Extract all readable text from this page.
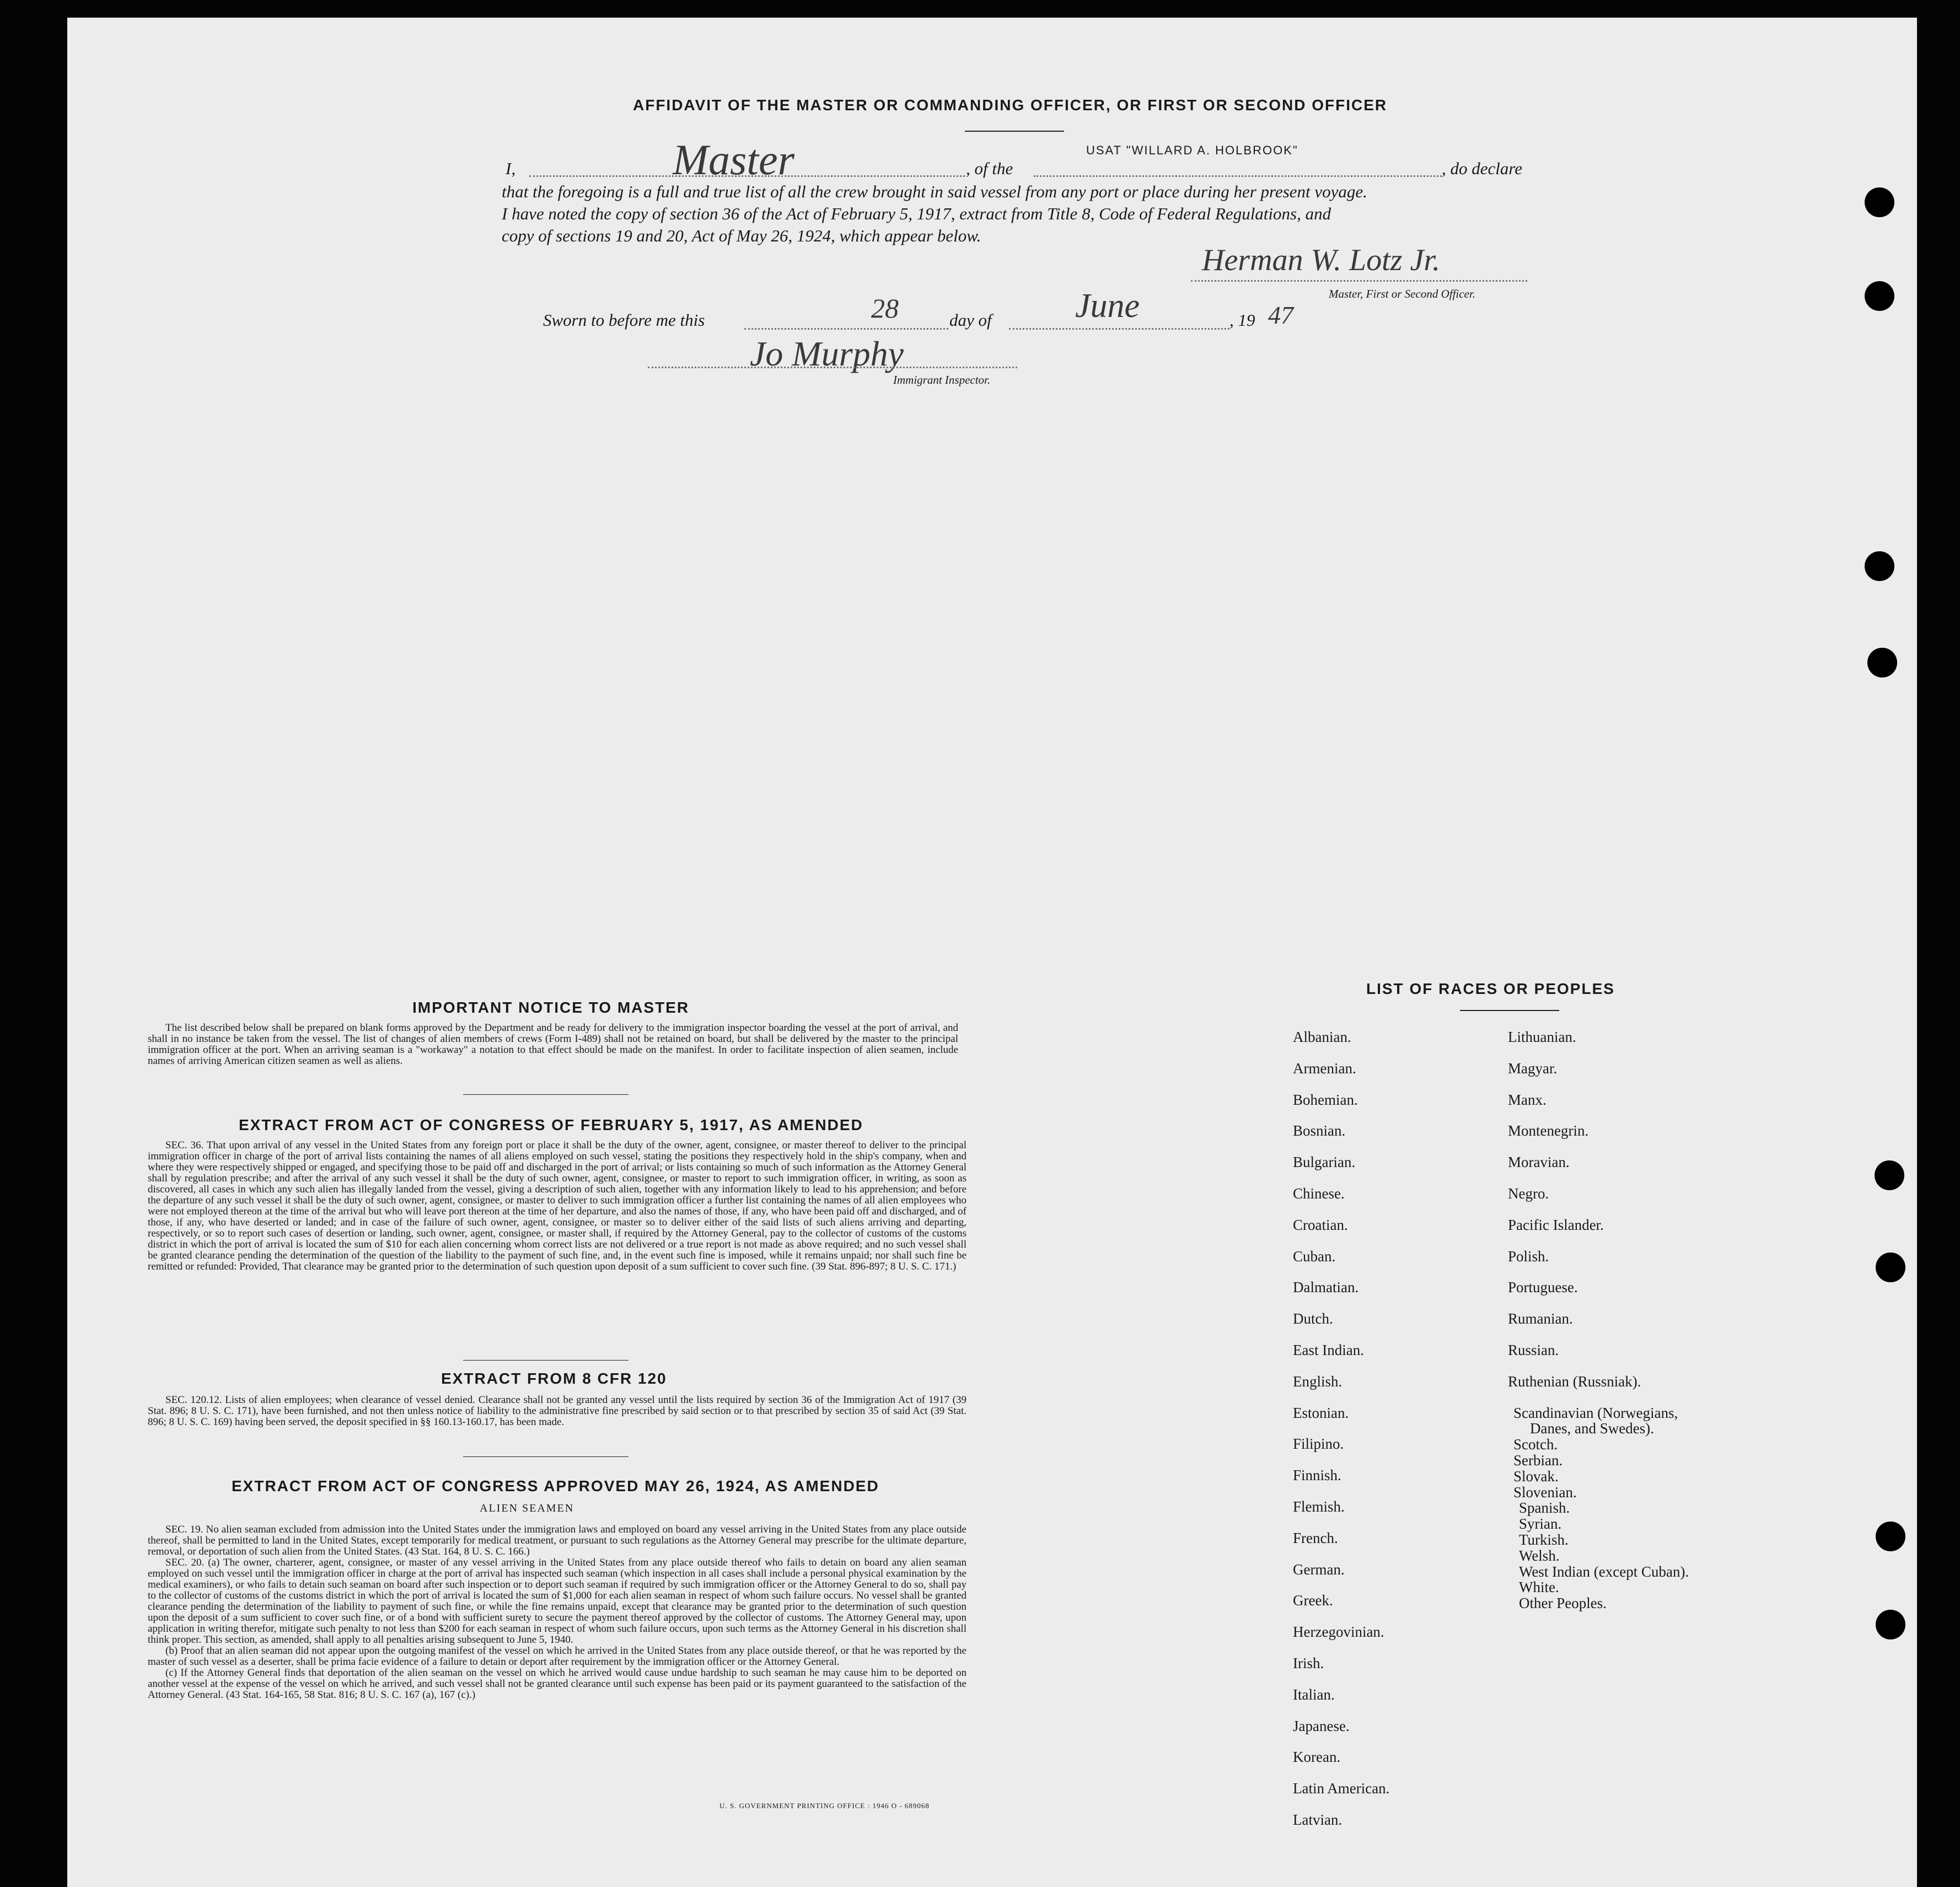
AFFIDAVIT OF THE MASTER OR COMMANDING OFFICER, OR FIRST OR SECOND OFFICER
I,	Master	, of the
USAT "WILLARD A. HOLBROOK"
, do declare
that the foregoing is a full and true list of all the crew brought in said vessel from any port or place during her present voyage.
I have noted the copy of section 36 of the Act of February 5, 1917, extract from Title 8, Code of Federal Regulations, and
copy of sections 19 and 20, Act of May 26, 1924, which appear below.
Herman W. Lotz Jr.
Master, First or Second Officer.
Sworn to before me this	28	day of June	, 19 47
Jo Murphy
Immigrant Inspector.
IMPORTANT NOTICE TO MASTER

The list described below shall be prepared on blank forms approved by the Department and be ready for delivery to the immigration inspector boarding the vessel at the port of arrival, and shall in no instance be taken from the vessel. The list of changes of alien members of crews (Form I-489) shall not be retained on board, but shall be delivered by the master to the principal immigration officer at the port. When an arriving seaman is a "workaway" a notation to that effect should be made on the manifest. In order to facilitate inspection of alien seamen, include names of arriving American citizen seamen as well as aliens.

EXTRACT FROM ACT OF CONGRESS OF FEBRUARY 5, 1917, AS AMENDED

SEC. 36. That upon arrival of any vessel in the United States from any foreign port or place it shall be the duty of the owner, agent, consignee, or master thereof to deliver to the principal immigration officer in charge of the port of arrival lists containing the names of all aliens employed on such vessel, stating the positions they respectively hold in the ship's company, when and where they were respectively shipped or engaged, and specifying those to be paid off and discharged in the port of arrival; or lists containing so much of such information as the Attorney General shall by regulation prescribe; and after the arrival of any such vessel it shall be the duty of such owner, agent, consignee, or master to report to such immigration officer, in writing, as soon as discovered, all cases in which any such alien has illegally landed from the vessel, giving a description of such alien, together with any information likely to lead to his apprehension; and before the departure of any such vessel it shall be the duty of such owner, agent, consignee, or master to deliver to such immigration officer a further list containing the names of all alien employees who were not employed thereon at the time of the arrival but who will leave port thereon at the time of her departure, and also the names of those, if any, who have been paid off and discharged, and of those, if any, who have deserted or landed; and in case of the failure of such owner, agent, consignee, or master so to deliver either of the said lists of such aliens arriving and departing, respectively, or so to report such cases of desertion or landing, such owner, agent, consignee, or master shall, if required by the Attorney General, pay to the collector of customs of the customs district in which the port of arrival is located the sum of $10 for each alien concerning whom correct lists are not delivered or a true report is not made as above required; and no such vessel shall be granted clearance pending the determination of the question of the liability to the payment of such fine, and, in the event such fine is imposed, while it remains unpaid; nor shall such fine be remitted or refunded: Provided, That clearance may be granted prior to the determination of such question upon deposit of a sum sufficient to cover such fine. (39 Stat. 896-897; 8 U. S. C. 171.)

EXTRACT FROM 8 CFR 120

SEC. 120.12. Lists of alien employees; when clearance of vessel denied. Clearance shall not be granted any vessel until the lists required by section 36 of the Immigration Act of 1917 (39 Stat. 896; 8 U. S. C. 171), have been furnished, and not then unless notice of liability to the administrative fine prescribed by said section or to that prescribed by section 35 of said Act (39 Stat. 896; 8 U. S. C. 169) having been served, the deposit specified in §§ 160.13-160.17, has been made.

EXTRACT FROM ACT OF CONGRESS APPROVED MAY 26, 1924, AS AMENDED
ALIEN SEAMEN

SEC. 19. No alien seaman excluded from admission into the United States under the immigration laws and employed on board any vessel arriving in the United States from any place outside thereof, shall be permitted to land in the United States, except temporarily for medical treatment, or pursuant to such regulations as the Attorney General may prescribe for the ultimate departure, removal, or deportation of such alien from the United States. (43 Stat. 164, 8 U. S. C. 166.)

SEC. 20. (a) The owner, charterer, agent, consignee, or master of any vessel arriving in the United States from any place outside thereof who fails to detain on board any alien seaman employed on such vessel until the immigration officer in charge at the port of arrival has inspected such seaman (which inspection in all cases shall include a personal physical examination by the medical examiners), or who fails to detain such seaman on board after such inspection or to deport such seaman if required by such immigration officer or the Attorney General to do so, shall pay to the collector of customs of the customs district in which the port of arrival is located the sum of $1,000 for each alien seaman in respect of whom such failure occurs. No vessel shall be granted clearance pending the determination of the liability to payment of such fine, or while the fine remains unpaid, except that clearance may be granted prior to the determination of such question upon the deposit of a sum sufficient to cover such fine, or of a bond with sufficient surety to secure the payment thereof approved by the collector of customs. The Attorney General may, upon application in writing therefor, mitigate such penalty to not less than $200 for each seaman in respect of whom such failure occurs, upon such terms as the Attorney General in his discretion shall think proper. This section, as amended, shall apply to all penalties arising subsequent to June 5, 1940.

(b) Proof that an alien seaman did not appear upon the outgoing manifest of the vessel on which he arrived in the United States from any place outside thereof, or that he was reported by the master of such vessel as a deserter, shall be prima facie evidence of a failure to detain or deport after requirement by the immigration officer or the Attorney General.

(c) If the Attorney General finds that deportation of the alien seaman on the vessel on which he arrived would cause undue hardship to such seaman he may cause him to be deported on another vessel at the expense of the vessel on which he arrived, and such vessel shall not be granted clearance until such expense has been paid or its payment guaranteed to the satisfaction of the Attorney General. (43 Stat. 164-165, 58 Stat. 816; 8 U. S. C. 167 (a), 167 (c).)

U. S. GOVERNMENT PRINTING OFFICE : 1946 O - 689068
LIST OF RACES OR PEOPLES
Albanian.
Armenian.
Bohemian.
Bosnian.
Bulgarian.
Chinese.
Croatian.
Cuban.
Dalmatian.
Dutch.
East Indian.
English.
Estonian.
Filipino.
Finnish.
Flemish.
French.
German.
Greek.
Herzegovinian.
Irish.
Italian.
Japanese.
Korean.
Latin American.
Latvian.
Lithuanian.
Magyar.
Manx.
Montenegrin.
Moravian.
Negro.
Pacific Islander.
Polish.
Portuguese.
Rumanian.
Russian.
Ruthenian (Russniak).
Scandinavian (Norwegians,
Danes, and Swedes).
Scotch.
Serbian.
Slovak.
Slovenian.
Spanish.
Syrian.
Turkish.
Welsh.
West Indian (except Cuban).
White.
Other Peoples.
